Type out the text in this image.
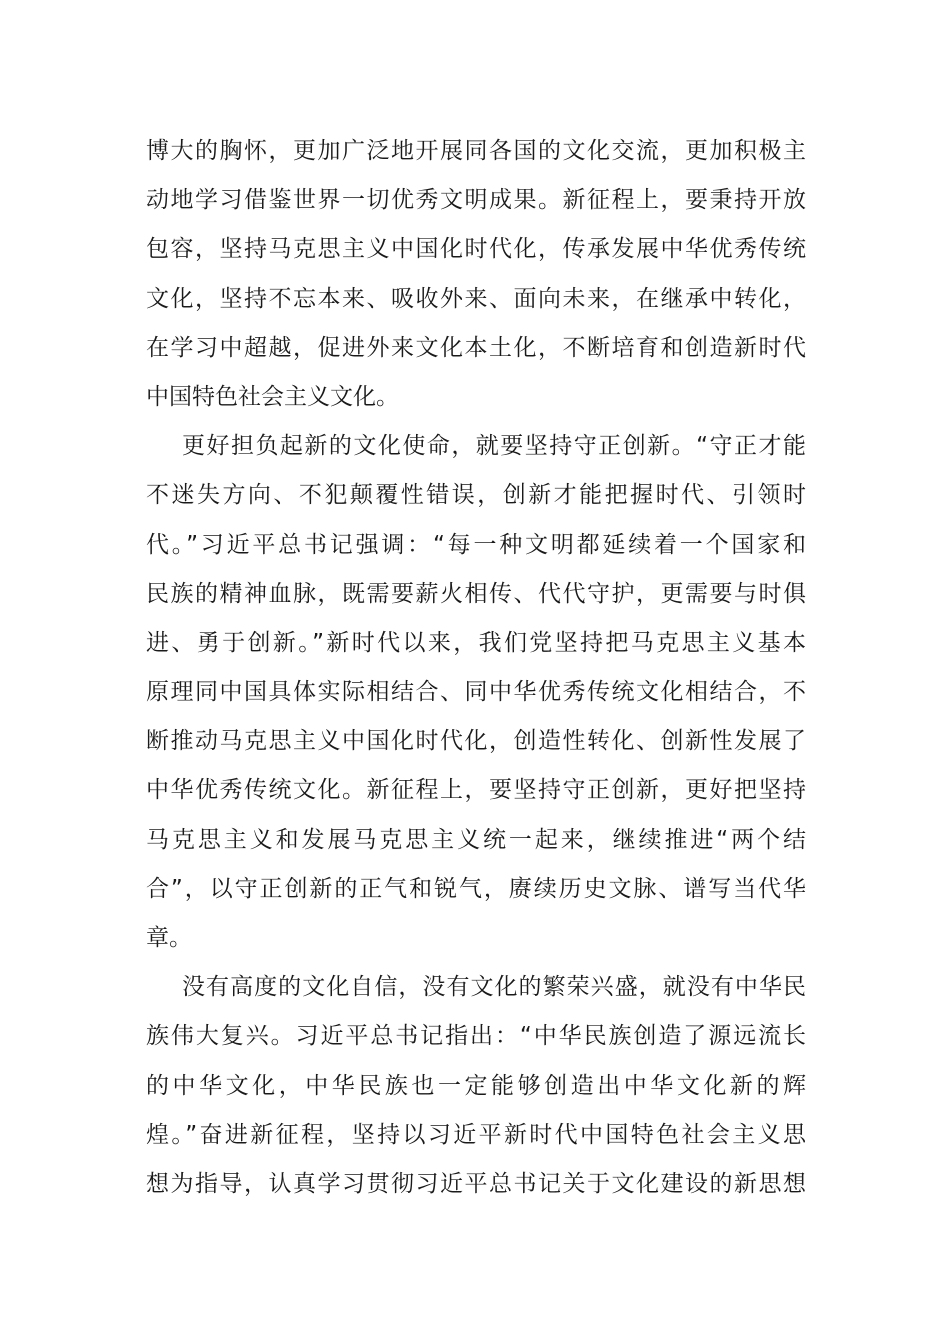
博大的胸怀，更加广泛地开展同各国的文化交流，更加积极主
动地学习借鉴世界一切优秀文明成果。新征程上，要秉持开放
包容，坚持马克思主义中国化时代化，传承发展中华优秀传统
文化，坚持不忘本来、吸收外来、面向未来，在继承中转化，
在学习中超越，促进外来文化本土化，不断培育和创造新时代
中国特色社会主义文化。
更好担负起新的文化使命，就要坚持守正创新。“守正才能
不迷失方向、不犯颠覆性错误，创新才能把握时代、引领时
代。”习近平总书记强调：“每一种文明都延续着一个国家和
民族的精神血脉，既需要薪火相传、代代守护，更需要与时俱
进、勇于创新。”新时代以来，我们党坚持把马克思主义基本
原理同中国具体实际相结合、同中华优秀传统文化相结合，不
断推动马克思主义中国化时代化，创造性转化、创新性发展了
中华优秀传统文化。新征程上，要坚持守正创新，更好把坚持
马克思主义和发展马克思主义统一起来，继续推进“两个结
合”，以守正创新的正气和锐气，赓续历史文脉、谱写当代华
章。
没有高度的文化自信，没有文化的繁荣兴盛，就没有中华民
族伟大复兴。习近平总书记指出：“中华民族创造了源远流长
的中华文化，中华民族也一定能够创造出中华文化新的辉
煌。”奋进新征程，坚持以习近平新时代中国特色社会主义思
想为指导，认真学习贯彻习近平总书记关于文化建设的新思想
